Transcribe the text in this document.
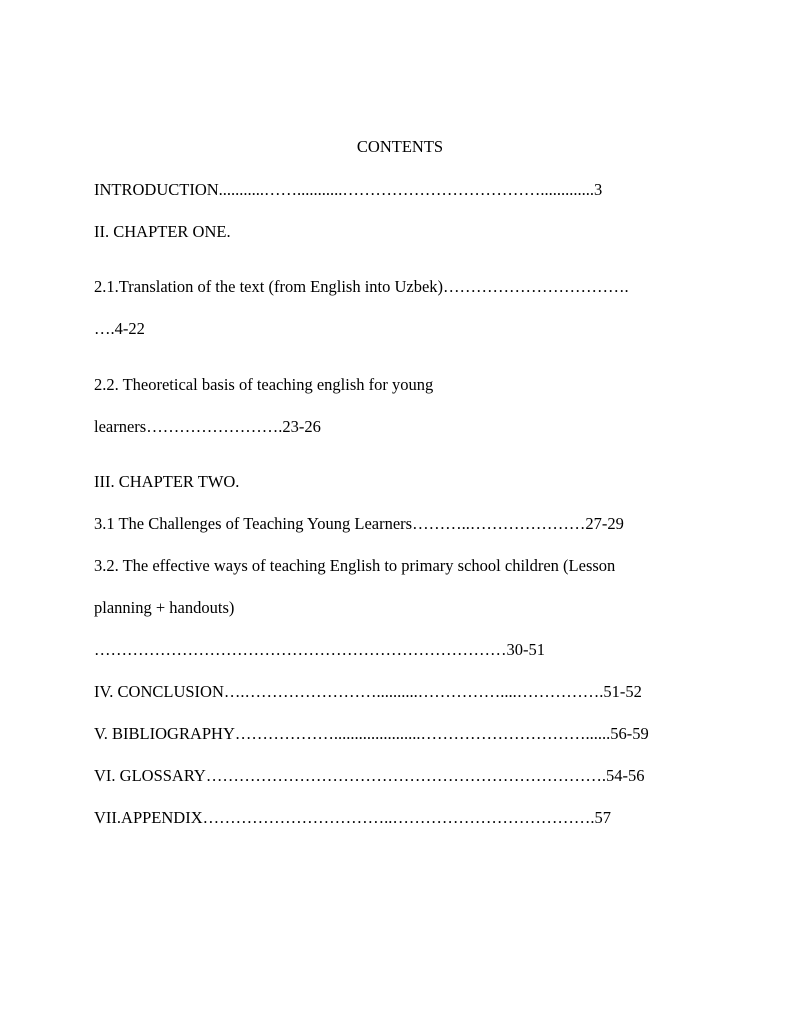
CONTENTS

INTRODUCTION...........……...........……………………………….............3

II. CHAPTER ONE.

2.1.Translation of the text (from English into Uzbek)…………………………….

….4-22

2.2. Theoretical basis of teaching english for young

learners…………………….23-26

III. CHAPTER TWO.

3.1 The Challenges of Teaching Young Learners………..…………………27-29

3.2. The effective ways of teaching English to primary school children (Lesson

planning + handouts)

…………………………………………………………………30-51

IV. CONCLUSION….……………………..........……………....…………….51-52

V. BIBLIOGRAPHY……………….....................…………………………......56-59

VI. GLOSSARY……………………………………………………………….54-56

VII.APPENDIX……………………………..……………………………….57
